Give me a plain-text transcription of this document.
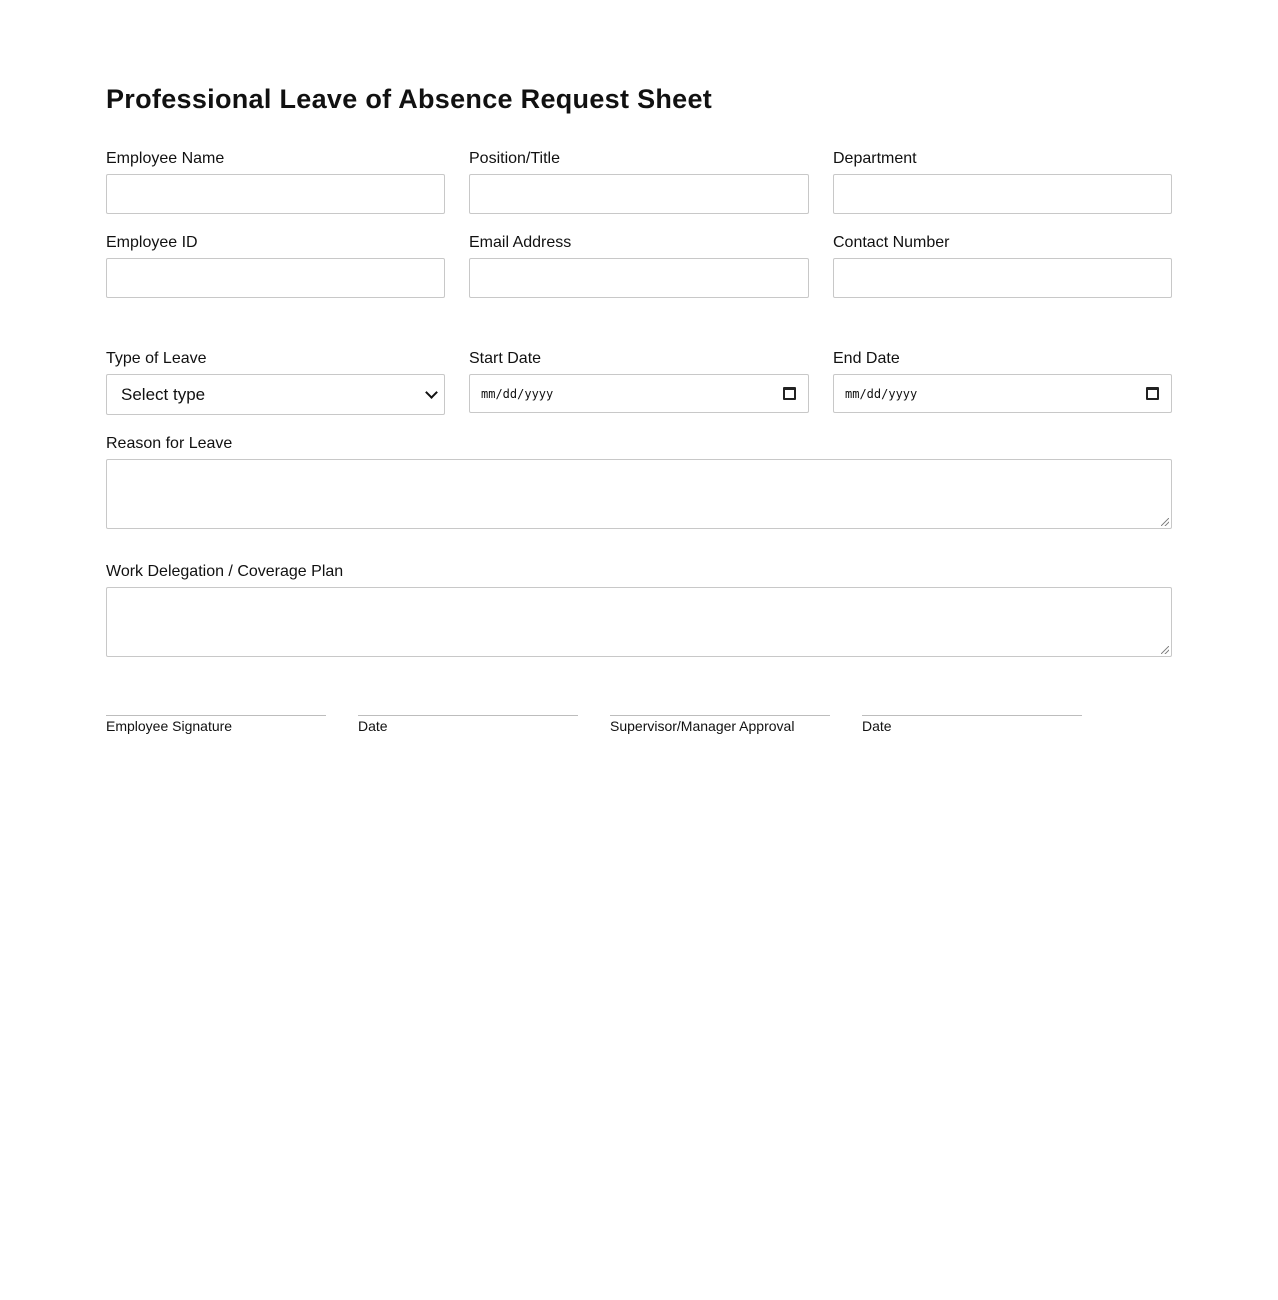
Professional Leave of Absence Request Sheet
Employee Name	Position/Title	Department
Employee ID	Email Address	Contact Number
Type of Leave
Select type
Start Date
mm/dd/yyyy
End Date
mm/dd/yyyy
Reason for Leave
Work Delegation / Coverage Plan
Employee Signature	Date	Supervisor/Manager Approval	Date
